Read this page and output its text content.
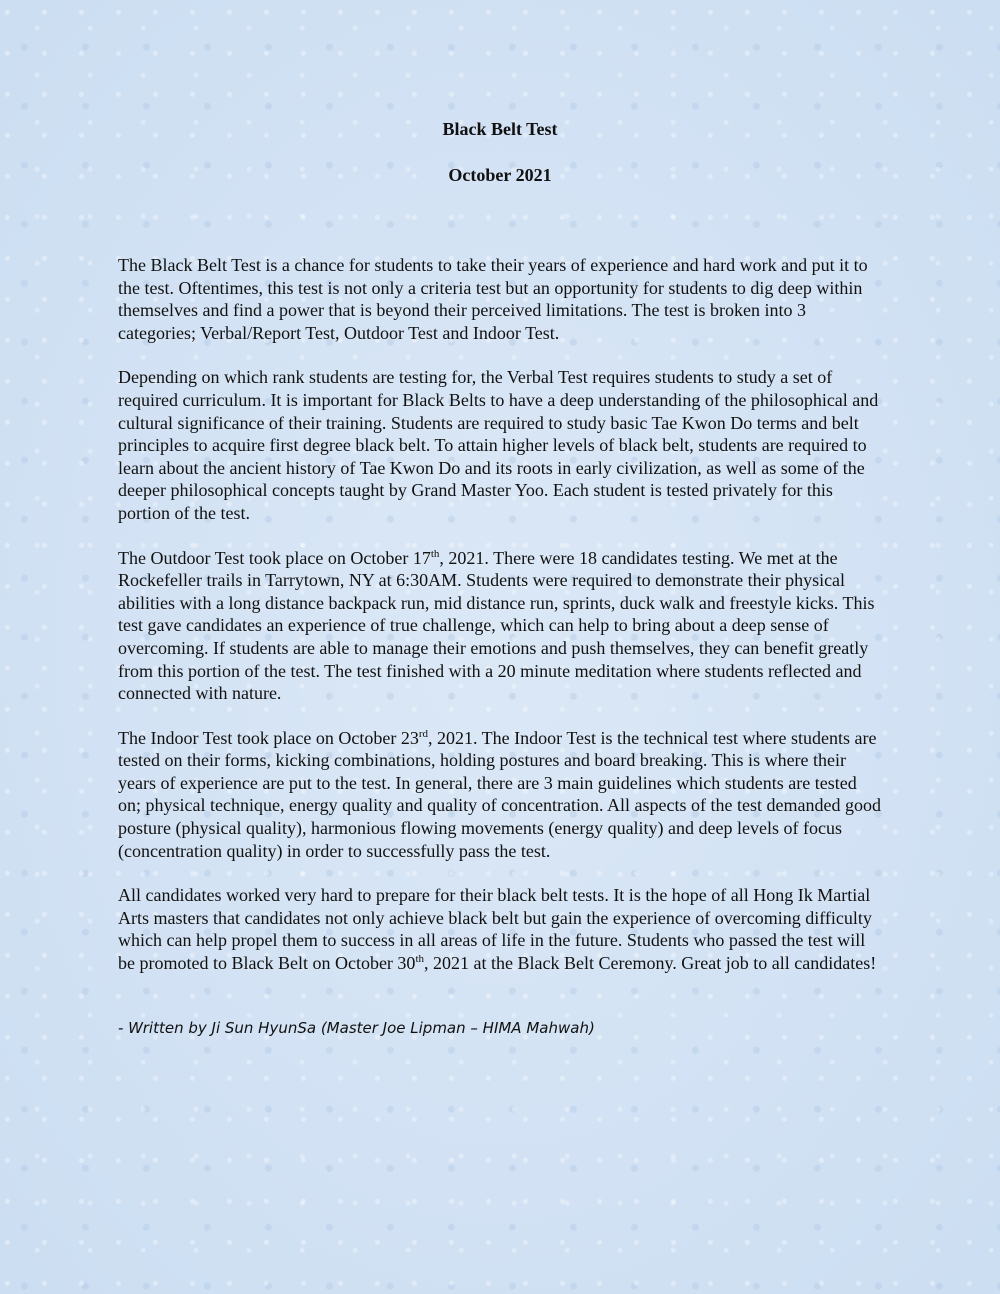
Black Belt Test
October 2021

The Black Belt Test is a chance for students to take their years of experience and hard work and put it to the test. Oftentimes, this test is not only a criteria test but an opportunity for students to dig deep within themselves and find a power that is beyond their perceived limitations. The test is broken into 3 categories; Verbal/Report Test, Outdoor Test and Indoor Test.

Depending on which rank students are testing for, the Verbal Test requires students to study a set of required curriculum. It is important for Black Belts to have a deep understanding of the philosophical and cultural significance of their training. Students are required to study basic Tae Kwon Do terms and belt principles to acquire first degree black belt. To attain higher levels of black belt, students are required to learn about the ancient history of Tae Kwon Do and its roots in early civilization, as well as some of the deeper philosophical concepts taught by Grand Master Yoo. Each student is tested privately for this portion of the test.

The Outdoor Test took place on October 17th, 2021. There were 18 candidates testing. We met at the Rockefeller trails in Tarrytown, NY at 6:30AM. Students were required to demonstrate their physical abilities with a long distance backpack run, mid distance run, sprints, duck walk and freestyle kicks. This test gave candidates an experience of true challenge, which can help to bring about a deep sense of overcoming. If students are able to manage their emotions and push themselves, they can benefit greatly from this portion of the test. The test finished with a 20 minute meditation where students reflected and connected with nature.

The Indoor Test took place on October 23rd, 2021. The Indoor Test is the technical test where students are tested on their forms, kicking combinations, holding postures and board breaking. This is where their years of experience are put to the test. In general, there are 3 main guidelines which students are tested on; physical technique, energy quality and quality of concentration. All aspects of the test demanded good posture (physical quality), harmonious flowing movements (energy quality) and deep levels of focus (concentration quality) in order to successfully pass the test.

All candidates worked very hard to prepare for their black belt tests. It is the hope of all Hong Ik Martial Arts masters that candidates not only achieve black belt but gain the experience of overcoming difficulty which can help propel them to success in all areas of life in the future. Students who passed the test will be promoted to Black Belt on October 30th, 2021 at the Black Belt Ceremony. Great job to all candidates!

- Written by Ji Sun HyunSa (Master Joe Lipman – HIMA Mahwah)
